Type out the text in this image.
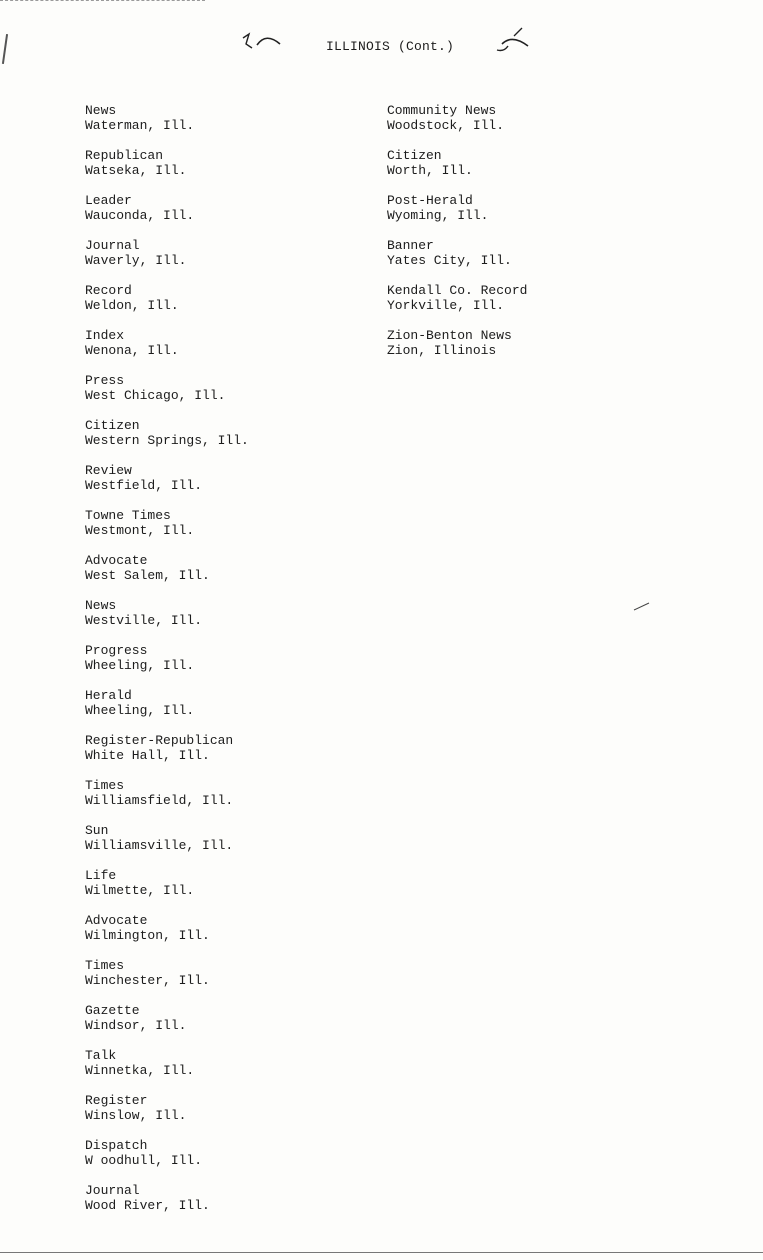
ILLINOIS (Cont.)
News
Waterman, Ill.
Republican
Watseka, Ill.
Leader
Wauconda, Ill.
Journal
Waverly, Ill.
Record
Weldon, Ill.
Index
Wenona, Ill.
Press
West Chicago, Ill.
Citizen
Western Springs, Ill.
Review
Westfield, Ill.
Towne Times
Westmont, Ill.
Advocate
West Salem, Ill.
News
Westville, Ill.
Progress
Wheeling, Ill.
Herald
Wheeling, Ill.
Register-Republican
White Hall, Ill.
Times
Williamsfield, Ill.
Sun
Williamsville, Ill.
Life
Wilmette, Ill.
Advocate
Wilmington, Ill.
Times
Winchester, Ill.
Gazette
Windsor, Ill.
Talk
Winnetka, Ill.
Register
Winslow, Ill.
Dispatch
W oodhull, Ill.
Journal
Wood River, Ill.
Community News
Woodstock, Ill.
Citizen
Worth, Ill.
Post-Herald
Wyoming, Ill.
Banner
Yates City, Ill.
Kendall Co. Record
Yorkville, Ill.
Zion-Benton News
Zion, Illinois
